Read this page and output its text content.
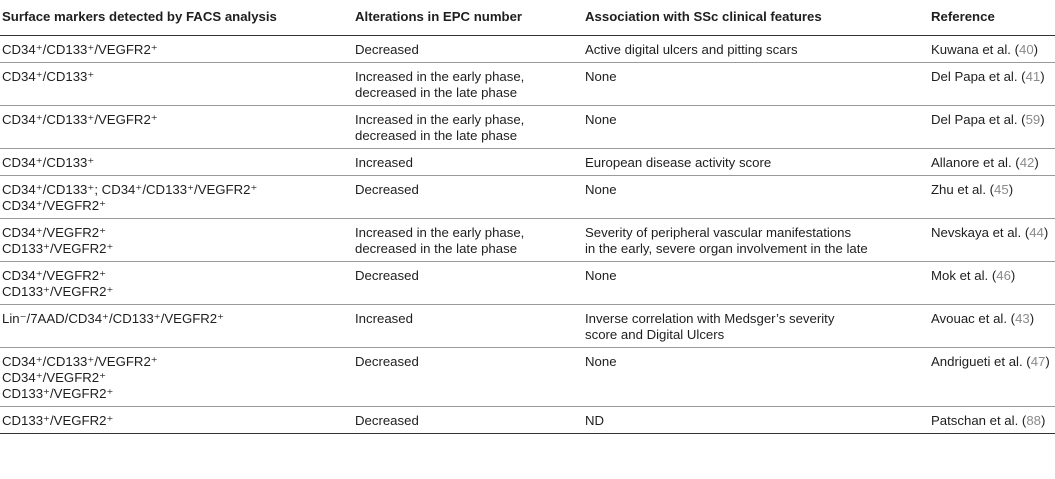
Surface markers detected by FACS analysis	Alterations in EPC number	Association with SSc clinical features	Reference

CD34⁺/CD133⁺/VEGFR2⁺	Decreased	Active digital ulcers and pitting scars	Kuwana et al. (40)

CD34⁺/CD133⁺	Increased in the early phase,
decreased in the late phase	None	Del Papa et al. (41)

CD34⁺/CD133⁺/VEGFR2⁺	Increased in the early phase,
decreased in the late phase	None	Del Papa et al. (59)

CD34⁺/CD133⁺	Increased	European disease activity score	Allanore et al. (42)

CD34⁺/CD133⁺; CD34⁺/CD133⁺/VEGFR2⁺
CD34⁺/VEGFR2⁺	Decreased	None	Zhu et al. (45)

CD34⁺/VEGFR2⁺
CD133⁺/VEGFR2⁺	Increased in the early phase,
decreased in the late phase	Severity of peripheral vascular manifestations
in the early, severe organ involvement in the late	Nevskaya et al. (44)

CD34⁺/VEGFR2⁺
CD133⁺/VEGFR2⁺	Decreased	None	Mok et al. (46)

Lin⁻/7AAD/CD34⁺/CD133⁺/VEGFR2⁺	Increased	Inverse correlation with Medsger’s severity
score and Digital Ulcers	Avouac et al. (43)

CD34⁺/CD133⁺/VEGFR2⁺
CD34⁺/VEGFR2⁺
CD133⁺/VEGFR2⁺	Decreased	None	Andrigueti et al. (47)

CD133⁺/VEGFR2⁺	Decreased	ND	Patschan et al. (88)
